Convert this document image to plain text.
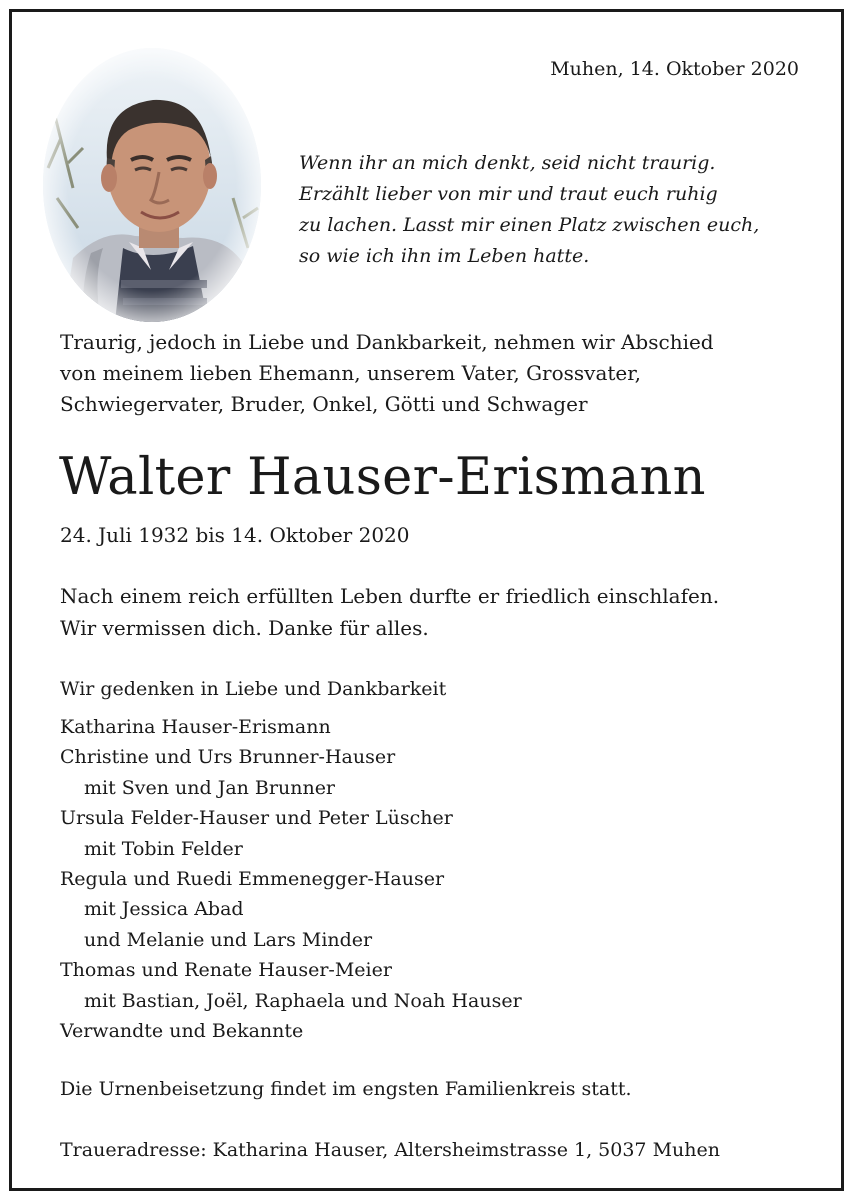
Muhen, 14. Oktober 2020
Wenn ihr an mich denkt, seid nicht traurig.
Erzählt lieber von mir und traut euch ruhig
zu lachen. Lasst mir einen Platz zwischen euch,
so wie ich ihn im Leben hatte.
Traurig, jedoch in Liebe und Dankbarkeit, nehmen wir Abschied
von meinem lieben Ehemann, unserem Vater, Grossvater,
Schwiegervater, Bruder, Onkel, Götti und Schwager
Walter Hauser-Erismann
24. Juli 1932 bis 14. Oktober 2020
Nach einem reich erfüllten Leben durfte er friedlich einschlafen.
Wir vermissen dich. Danke für alles.
Wir gedenken in Liebe und Dankbarkeit
Katharina Hauser-Erismann
Christine und Urs Brunner-Hauser
mit Sven und Jan Brunner
Ursula Felder-Hauser und Peter Lüscher
mit Tobin Felder
Regula und Ruedi Emmenegger-Hauser
mit Jessica Abad
und Melanie und Lars Minder
Thomas und Renate Hauser-Meier
mit Bastian, Joël, Raphaela und Noah Hauser
Verwandte und Bekannte
Die Urnenbeisetzung findet im engsten Familienkreis statt.
Traueradresse: Katharina Hauser, Altersheimstrasse 1, 5037 Muhen
